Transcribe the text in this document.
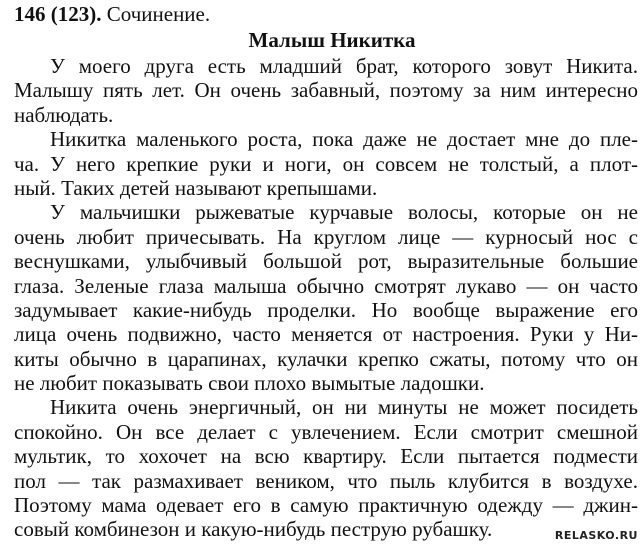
146 (123). Сочинение.
Малыш Никитка
У моего друга есть младший брат, которого зовут Никита.
Малышу пять лет. Он очень забавный, поэтому за ним интересно
наблюдать.
Никитка маленького роста, пока даже не достает мне до пле-
ча. У него крепкие руки и ноги, он совсем не толстый, а плот-
ный. Таких детей называют крепышами.
У мальчишки рыжеватые курчавые волосы, которые он не
очень любит причесывать. На круглом лице — курносый нос с
веснушками, улыбчивый большой рот, выразительные большие
глаза. Зеленые глаза малыша обычно смотрят лукаво — он часто
задумывает какие-нибудь проделки. Но вообще выражение его
лица очень подвижно, часто меняется от настроения. Руки у Ни-
киты обычно в царапинах, кулачки крепко сжаты, потому что он
не любит показывать свои плохо вымытые ладошки.
Никита очень энергичный, он ни минуты не может посидеть
спокойно. Он все делает с увлечением. Если смотрит смешной
мультик, то хохочет на всю квартиру. Если пытается подмести
пол — так размахивает веником, что пыль клубится в воздухе.
Поэтому мама одевает его в самую практичную одежду — джин-
совый комбинезон и какую-нибудь пеструю рубашку.	RELASKO.RU
